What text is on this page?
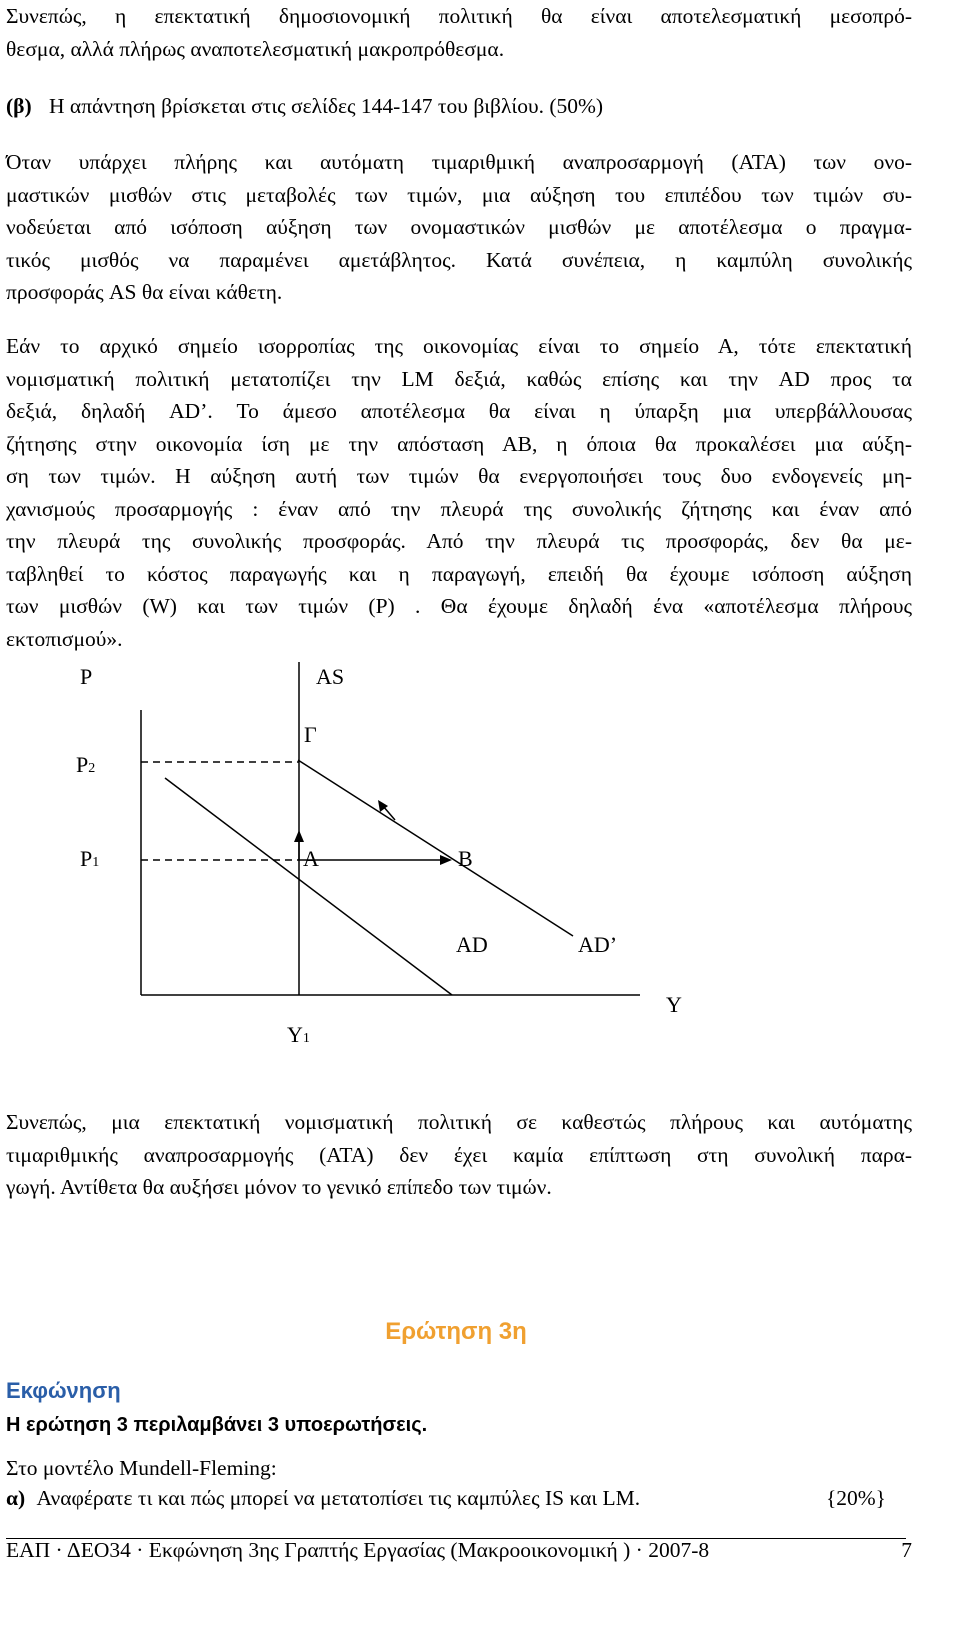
Συνεπώς, η επεκτατική δημοσιονομική πολιτική θα είναι αποτελεσματική μεσοπρό-
θεσμα, αλλά πλήρως αναποτελεσματική μακροπρόθεσμα.
(β) Η απάντηση βρίσκεται στις σελίδες 144-147 του βιβλίου. (50%)
Όταν υπάρχει πλήρης και αυτόματη τιμαριθμική αναπροσαρμογή (ΑΤΑ) των ονο-
μαστικών μισθών στις μεταβολές των τιμών, μια αύξηση του επιπέδου των τιμών συ-
νοδεύεται από ισόποση αύξηση των ονομαστικών μισθών με αποτέλεσμα ο πραγμα-
τικός μισθός να παραμένει αμετάβλητος. Κατά συνέπεια, η καμπύλη συνολικής
προσφοράς AS θα είναι κάθετη.
Εάν το αρχικό σημείο ισορροπίας της οικονομίας είναι το σημείο Α, τότε επεκτατική
νομισματική πολιτική μετατοπίζει την LM δεξιά, καθώς επίσης και την AD προς τα
δεξιά, δηλαδή AD’. Το άμεσο αποτέλεσμα θα είναι η ύπαρξη μια υπερβάλλουσας
ζήτησης στην οικονομία ίση με την απόσταση ΑΒ, η όποια θα προκαλέσει μια αύξη-
ση των τιμών. Η αύξηση αυτή των τιμών θα ενεργοποιήσει τους δυο ενδογενείς μη-
χανισμούς προσαρμογής : έναν από την πλευρά της συνολικής ζήτησης και έναν από
την πλευρά της συνολικής προσφοράς. Από την πλευρά τις προσφοράς, δεν θα με-
ταβληθεί το κόστος παραγωγής και η παραγωγή, επειδή θα έχουμε ισόποση αύξηση
των μισθών (W) και των τιμών (P) . Θα έχουμε δηλαδή ένα «αποτέλεσμα πλήρους
εκτοπισμού».
P	AS
Γ
P2
P1	A	B
AD	AD’
Y
Y1
Συνεπώς, μια επεκτατική νομισματική πολιτική σε καθεστώς πλήρους και αυτόματης
τιμαριθμικής αναπροσαρμογής (ΑΤΑ) δεν έχει καμία επίπτωση στη συνολική παρα-
γωγή. Αντίθετα θα αυξήσει μόνον το γενικό επίπεδο των τιμών.
Ερώτηση 3η
Εκφώνηση
Η ερώτηση 3 περιλαμβάνει 3 υποερωτήσεις.
Στο μοντέλο Mundell-Fleming:
α) Αναφέρατε τι και πώς μπορεί να μετατοπίσει τις καμπύλες IS και LM.	{20%}
ΕΑΠ · ΔΕΟ34 · Εκφώνηση 3ης Γραπτής Εργασίας (Μακροοικονομική ) · 2007-8	7
